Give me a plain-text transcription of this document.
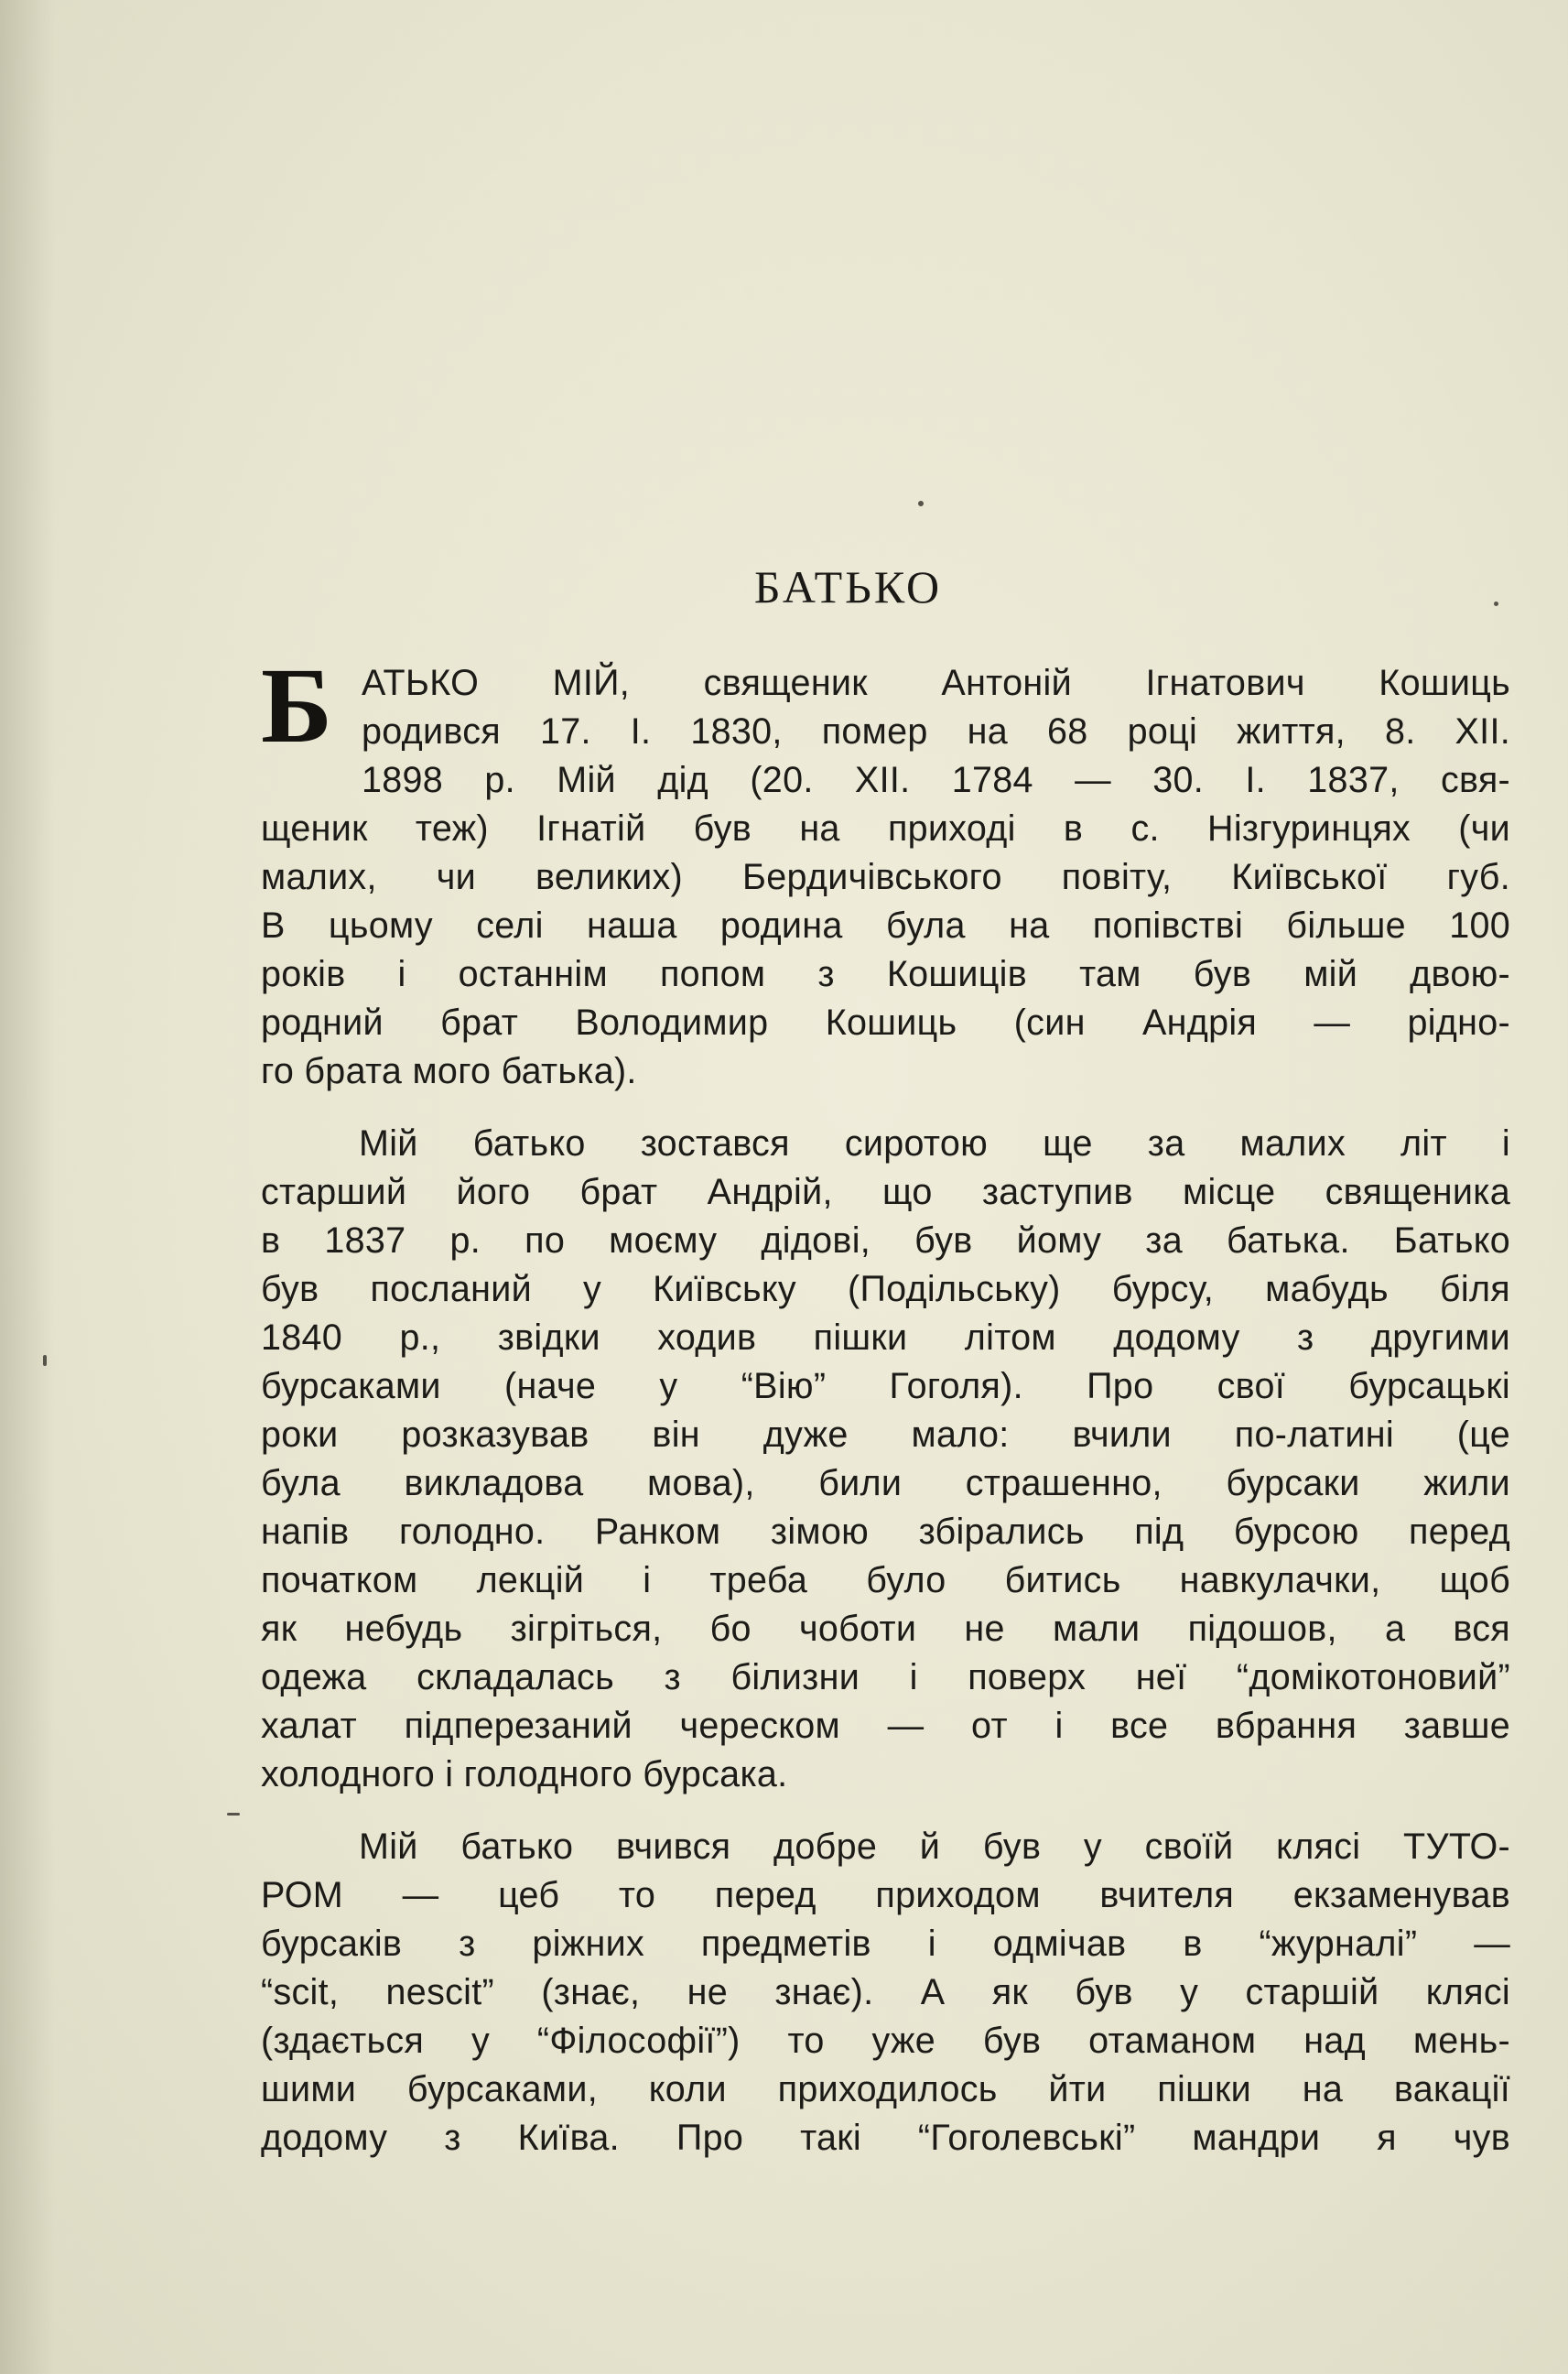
БАТЬКО
Б АТЬКО МІЙ, священик Антоній Ігнатович Кошиць
родився 17. І. 1830, помер на 68 році життя, 8. XII.
1898 р. Мій дід (20. XII. 1784 — 30. І. 1837, свя-
щеник теж) Ігнатій був на приході в с. Нізгуринцях (чи
малих, чи великих) Бердичівського повіту, Київської губ.
В цьому селі наша родина була на попівстві більше 100
років і останнім попом з Кошиців там був мій двою-
родний брат Володимир Кошиць (син Андрія — рідно-
го брата мого батька).
Мій батько зостався сиротою ще за малих літ і
старший його брат Андрій, що заступив місце священика
в 1837 р. по моєму дідові, був йому за батька. Батько
був посланий у Київську (Подільську) бурсу, мабудь біля
1840 р., звідки ходив пішки літом додому з другими
бурсаками (наче у “Вію” Гоголя). Про свої бурсацькі
роки розказував він дуже мало: вчили по-латині (це
була викладова мова), били страшенно, бурсаки жили
напів голодно. Ранком зімою збірались під бурсою перед
початком лекцій і треба було битись навкулачки, щоб
як небудь зігріться, бо чоботи не мали підошов, а вся
одежа складалась з білизни і поверх неї “домікотоновий”
халат підперезаний череском — от і все вбрання завше
холодного і голодного бурсака.
Мій батько вчився добре й був у своїй клясі ТУТО-
РОМ — цеб то перед приходом вчителя екзаменував
бурсаків з ріжних предметів і одмічав в “журналі” —
“scit, nescit” (знає, не знає). А як був у старшій клясі
(здається у “Філософії”) то уже був отаманом над мень-
шими бурсаками, коли приходилось йти пішки на вакації
додому з Київа. Про такі “Гоголевські” мандри я чув
